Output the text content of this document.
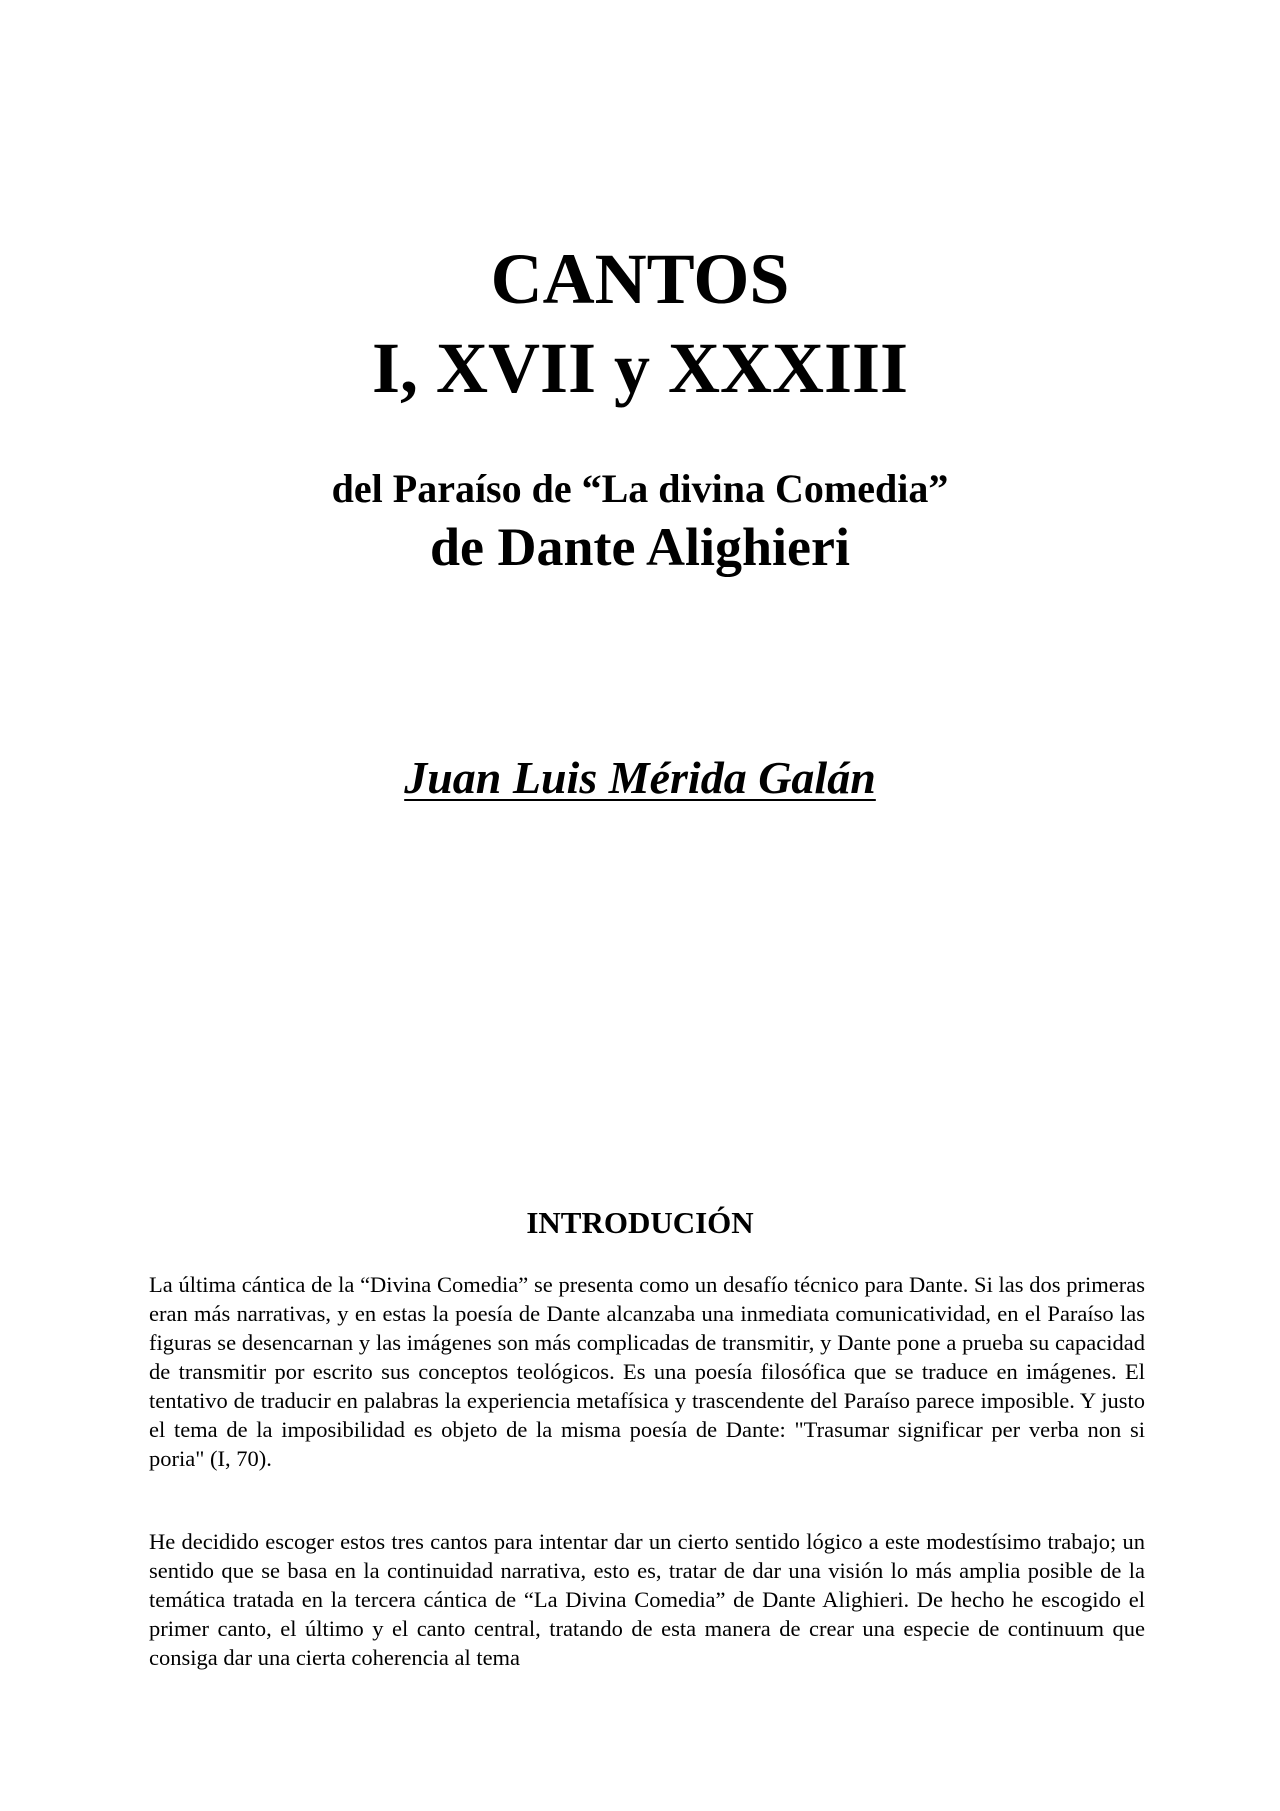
CANTOS
I, XVII y XXXIII
del Paraíso de “La divina Comedia”
de Dante Alighieri

Juan Luis Mérida Galán

INTRODUCIÓN

La última cántica de la “Divina Comedia” se presenta como un desafío técnico para Dante. Si las dos primeras eran más narrativas, y en estas la poesía de Dante alcanzaba una inmediata comunicatividad, en el Paraíso las figuras se desencarnan y las imágenes son más complicadas de transmitir, y Dante pone a prueba su capacidad de transmitir por escrito sus conceptos teológicos. Es una poesía filosófica que se traduce en imágenes. El tentativo de traducir en palabras la experiencia metafísica y trascendente del Paraíso parece imposible. Y justo el tema de la imposibilidad es objeto de la misma poesía de Dante: "Trasumar significar per verba non si poria" (I, 70).

He decidido escoger estos tres cantos para intentar dar un cierto sentido lógico a este modestísimo trabajo; un sentido que se basa en la continuidad narrativa, esto es, tratar de dar una visión lo más amplia posible de la temática tratada en la tercera cántica de “La Divina Comedia” de Dante Alighieri. De hecho he escogido el primer canto, el último y el canto central, tratando de esta manera de crear una especie de continuum que consiga dar una cierta coherencia al tema
